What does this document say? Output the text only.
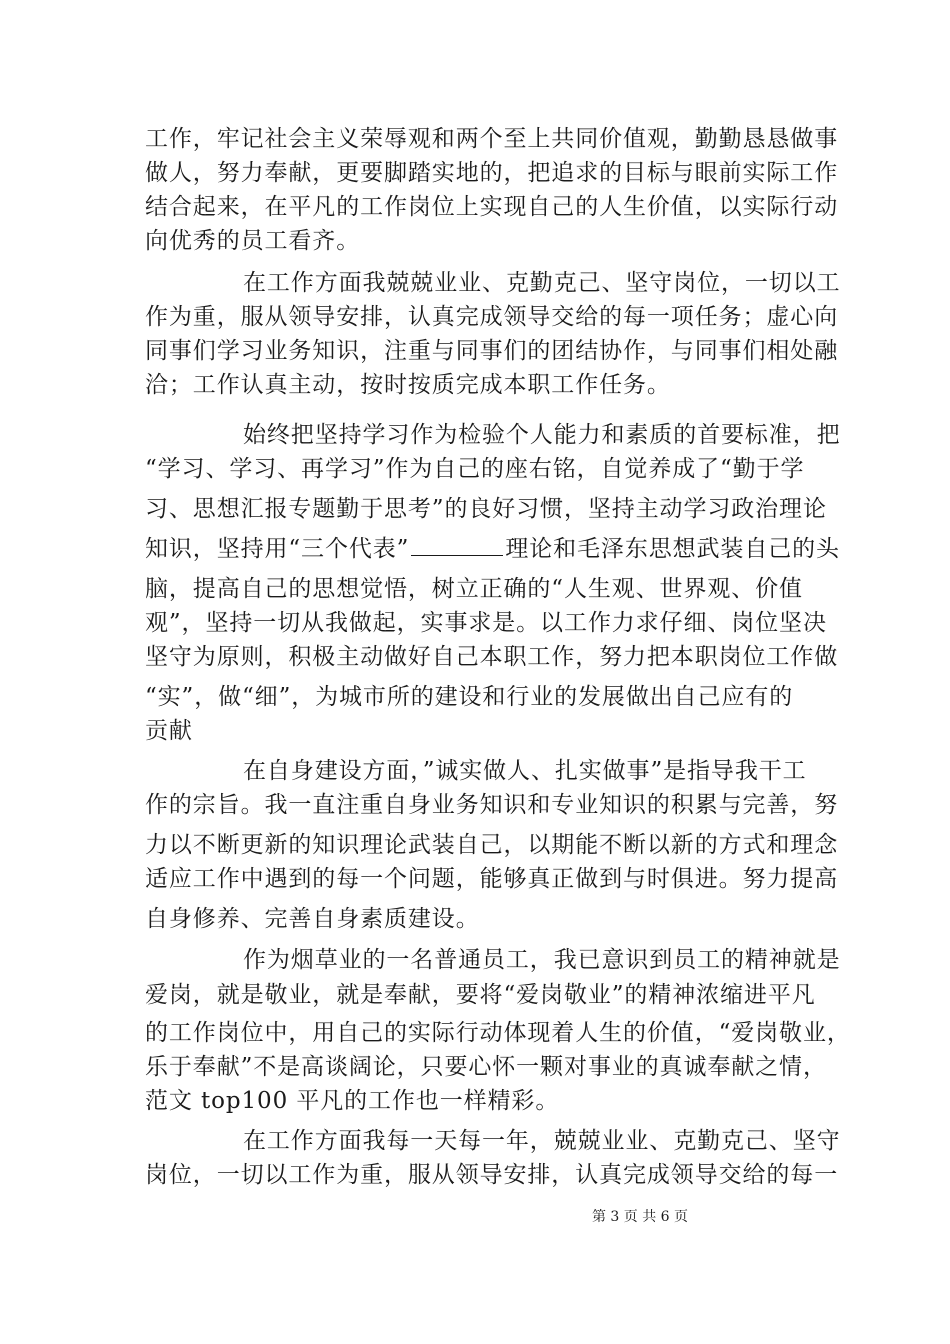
工作，牢记社会主义荣辱观和两个至上共同价值观，勤勤恳恳做事
做人，努力奉献，更要脚踏实地的，把追求的目标与眼前实际工作
结合起来，在平凡的工作岗位上实现自己的人生价值，以实际行动
向优秀的员工看齐。
在工作方面我兢兢业业、克勤克己、坚守岗位，一切以工
作为重，服从领导安排，认真完成领导交给的每一项任务；虚心向
同事们学习业务知识，注重与同事们的团结协作，与同事们相处融
洽；工作认真主动，按时按质完成本职工作任务。
始终把坚持学习作为检验个人能力和素质的首要标准，把
“学习、学习、再学习”作为自己的座右铭，自觉养成了“勤于学
习、思想汇报专题勤于思考”的良好习惯，坚持主动学习政治理论
知识，坚持用“三个代表”	理论和毛泽东思想武装自己的头
脑，提高自己的思想觉悟，树立正确的“人生观、世界观、价值
观”，坚持一切从我做起，实事求是。以工作力求仔细、岗位坚决
坚守为原则，积极主动做好自己本职工作，努力把本职岗位工作做
“实”，做“细”，为城市所的建设和行业的发展做出自己应有的
贡献
在自身建设方面，”诚实做人、扎实做事”是指导我干工
作的宗旨。我一直注重自身业务知识和专业知识的积累与完善，努
力以不断更新的知识理论武装自己，以期能不断以新的方式和理念
适应工作中遇到的每一个问题，能够真正做到与时俱进。努力提高
自身修养、完善自身素质建设。
作为烟草业的一名普通员工，我已意识到员工的精神就是
爱岗，就是敬业，就是奉献，要将“爱岗敬业”的精神浓缩进平凡
的工作岗位中，用自己的实际行动体现着人生的价值，“爱岗敬业，
乐于奉献”不是高谈阔论，只要心怀一颗对事业的真诚奉献之情，
范文 top100 平凡的工作也一样精彩。
在工作方面我每一天每一年，兢兢业业、克勤克己、坚守
岗位，一切以工作为重，服从领导安排，认真完成领导交给的每一
第 3 页 共 6 页
